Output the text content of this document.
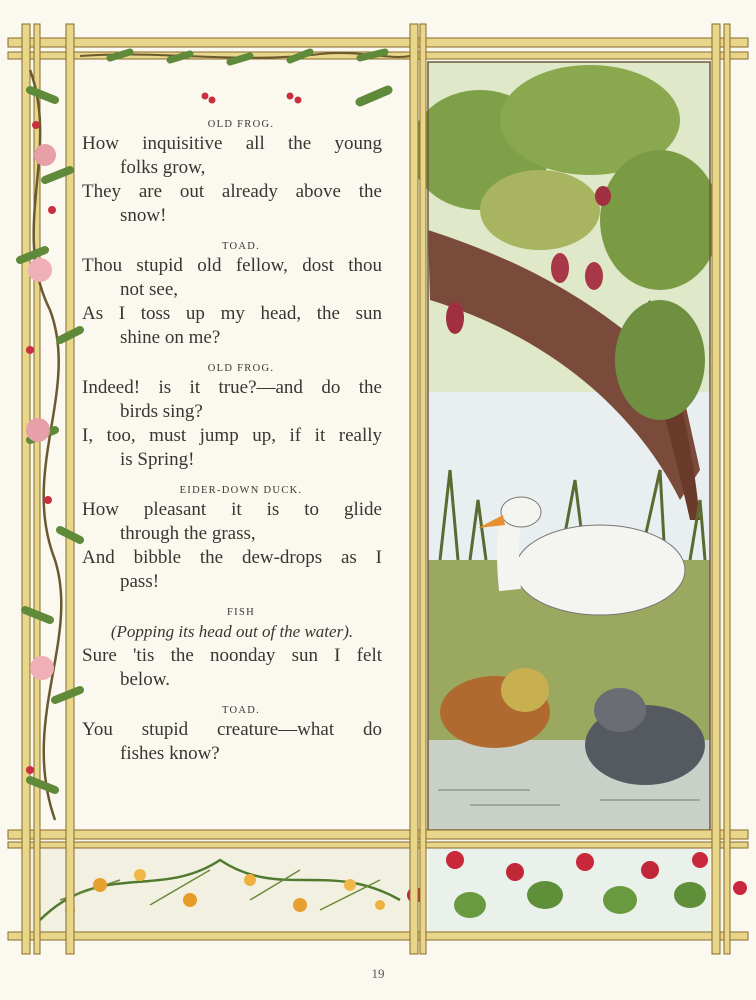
OLD FROG.

How inquisitive all the young

folks grow,

They are out already above the

snow!

TOAD.

Thou stupid old fellow, dost thou

not see,

As I toss up my head, the sun

shine on me?

OLD FROG.

Indeed! is it true?—and do the

birds sing?

I, too, must jump up, if it really

is Spring!

EIDER-DOWN DUCK.

How pleasant it is to glide

through the grass,

And bibble the dew-drops as I

pass!

FISH

(Popping its head out of the water).

Sure 'tis the noonday sun I felt

below.

TOAD.

You stupid creature—what do

fishes know?

19
